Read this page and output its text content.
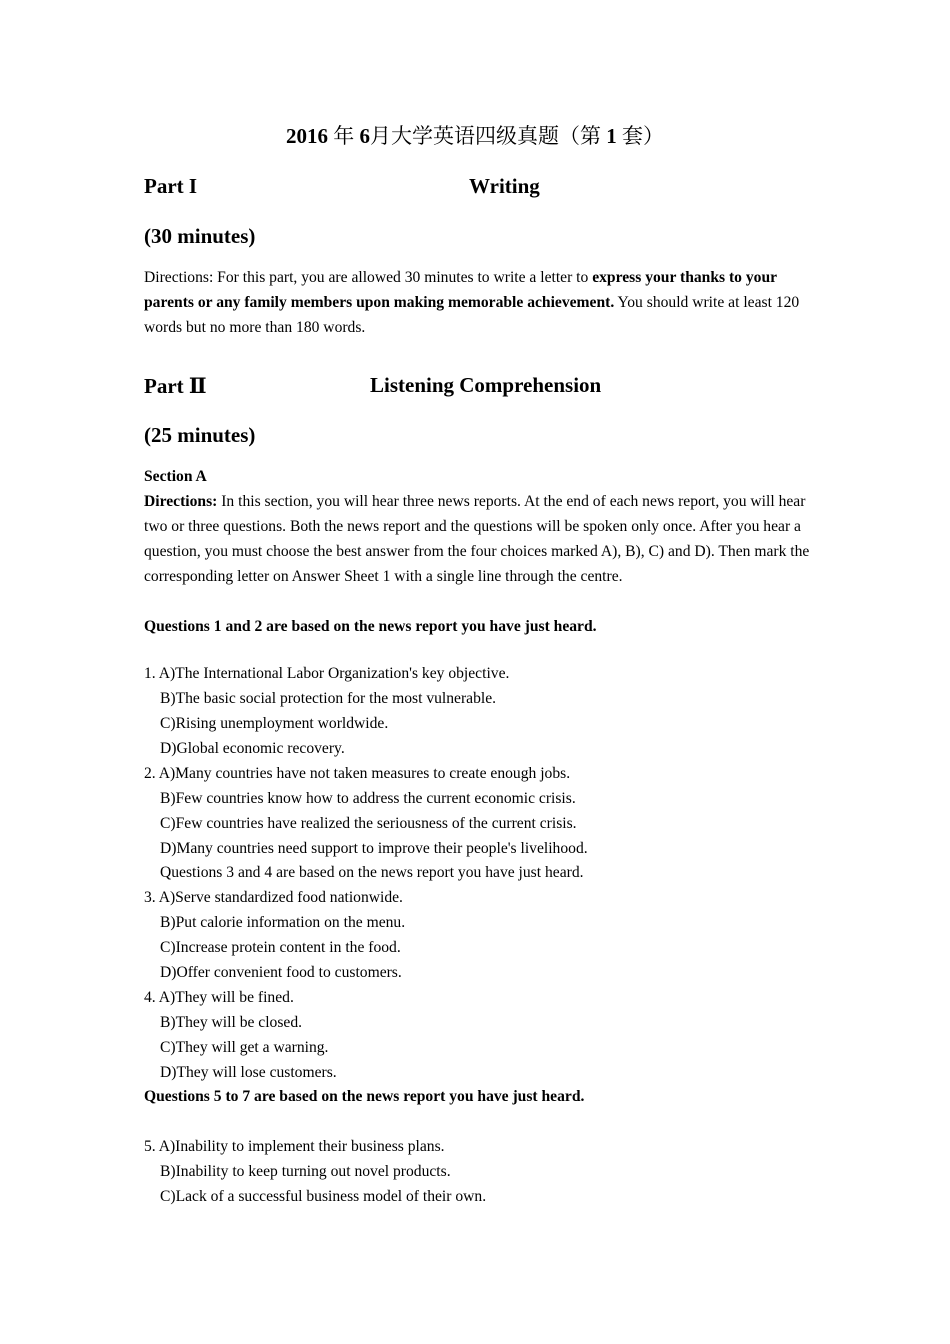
2016 年 6月大学英语四级真题（第 1 套）
Part I	Writing
(30 minutes)
Directions: For this part, you are allowed 30 minutes to write a letter to express your thanks to your parents or any family members upon making memorable achievement. You should write at least 120 words but no more than 180 words.
Part Ⅱ	Listening Comprehension
(25 minutes)
Section A
Directions: In this section, you will hear three news reports. At the end of each news report, you will hear two or three questions. Both the news report and the questions will be spoken only once. After you hear a question, you must choose the best answer from the four choices marked A), B), C) and D). Then mark the corresponding letter on Answer Sheet 1 with a single line through the centre.
Questions 1 and 2 are based on the news report you have just heard.
1. A)The International Labor Organization's key objective.
B)The basic social protection for the most vulnerable.
C)Rising unemployment worldwide.
D)Global economic recovery.
2. A)Many countries have not taken measures to create enough jobs.
B)Few countries know how to address the current economic crisis.
C)Few countries have realized the seriousness of the current crisis.
D)Many countries need support to improve their people's livelihood.
Questions 3 and 4 are based on the news report you have just heard.
3. A)Serve standardized food nationwide.
B)Put calorie information on the menu.
C)Increase protein content in the food.
D)Offer convenient food to customers.
4. A)They will be fined.
B)They will be closed.
C)They will get a warning.
D)They will lose customers.
Questions 5 to 7 are based on the news report you have just heard.
5. A)Inability to implement their business plans.
B)Inability to keep turning out novel products.
C)Lack of a successful business model of their own.
